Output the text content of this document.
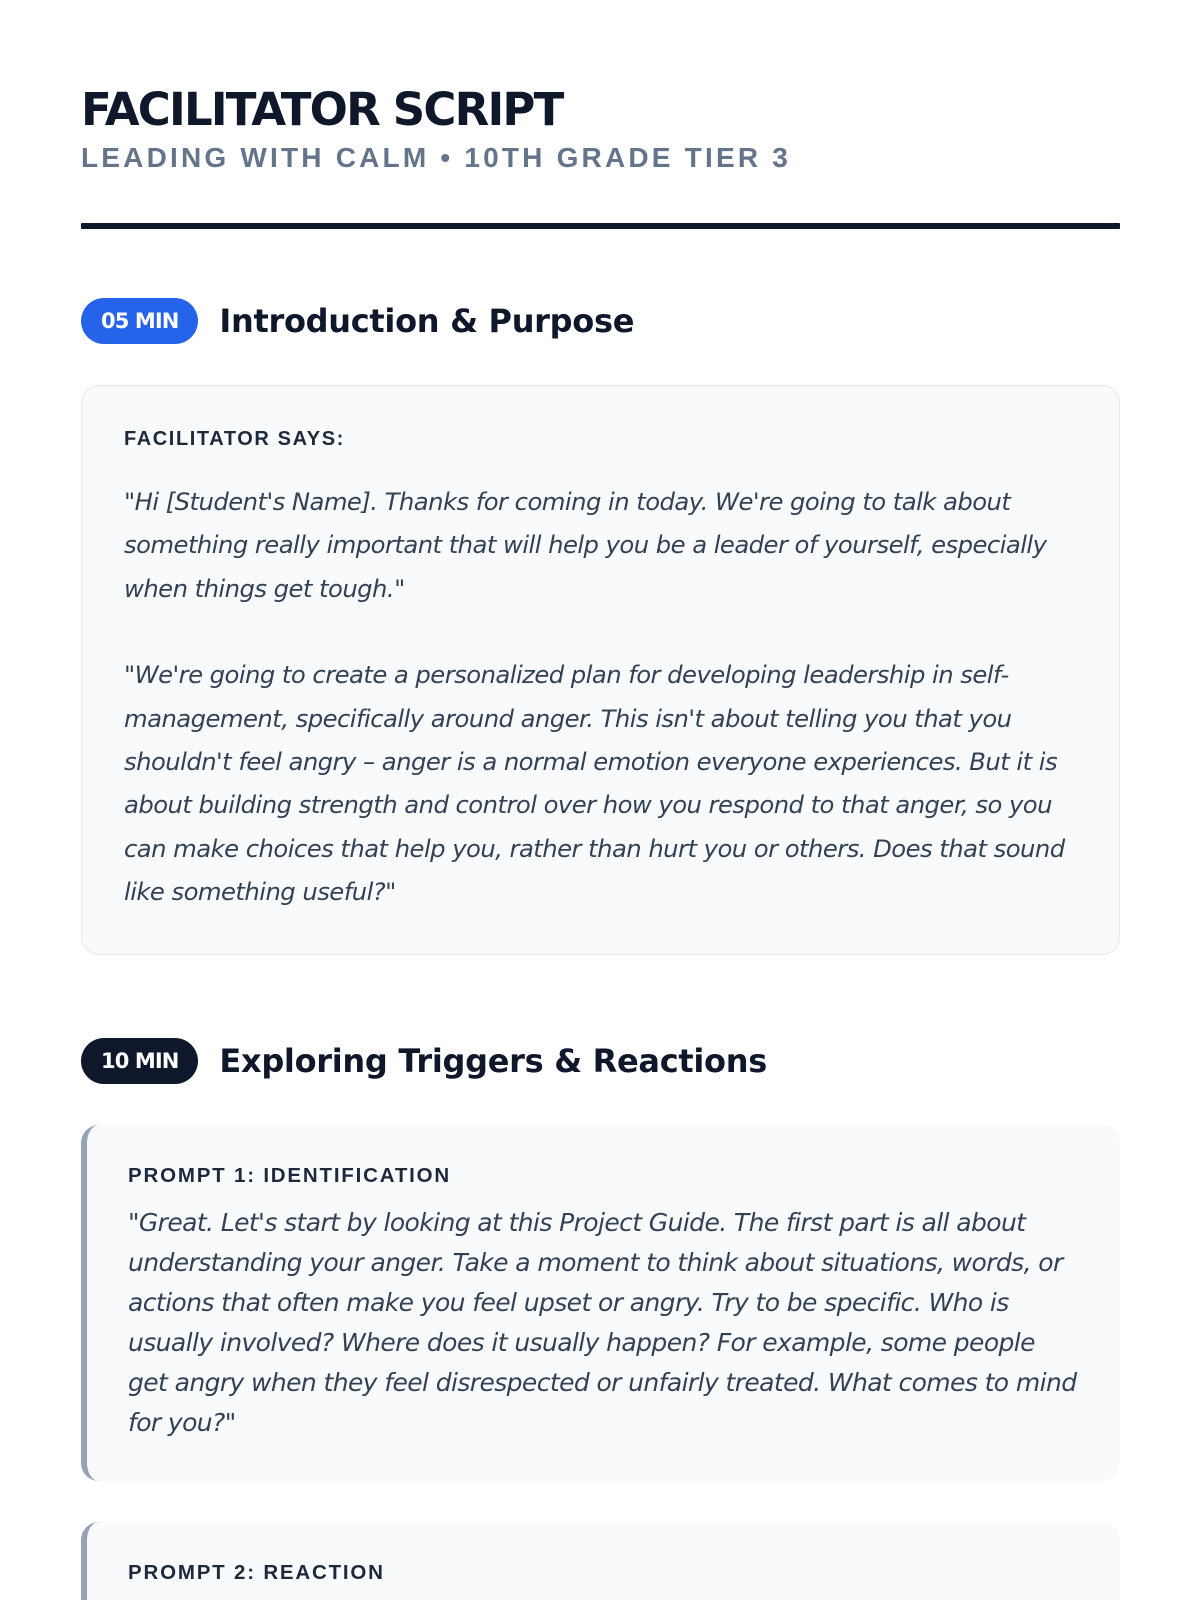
FACILITATOR SCRIPT
LEADING WITH CALM • 10TH GRADE TIER 3
05 MIN	Introduction & Purpose
FACILITATOR SAYS:

"Hi [Student's Name]. Thanks for coming in today. We're going to talk about something really important that will help you be a leader of yourself, especially when things get tough."

"We're going to create a personalized plan for developing leadership in self-management, specifically around anger. This isn't about telling you that you shouldn't feel angry – anger is a normal emotion everyone experiences. But it is about building strength and control over how you respond to that anger, so you can make choices that help you, rather than hurt you or others. Does that sound like something useful?"

10 MIN	Exploring Triggers & Reactions
PROMPT 1: IDENTIFICATION

"Great. Let's start by looking at this Project Guide. The first part is all about understanding your anger. Take a moment to think about situations, words, or actions that often make you feel upset or angry. Try to be specific. Who is usually involved? Where does it usually happen? For example, some people get angry when they feel disrespected or unfairly treated. What comes to mind for you?"

PROMPT 2: REACTION
